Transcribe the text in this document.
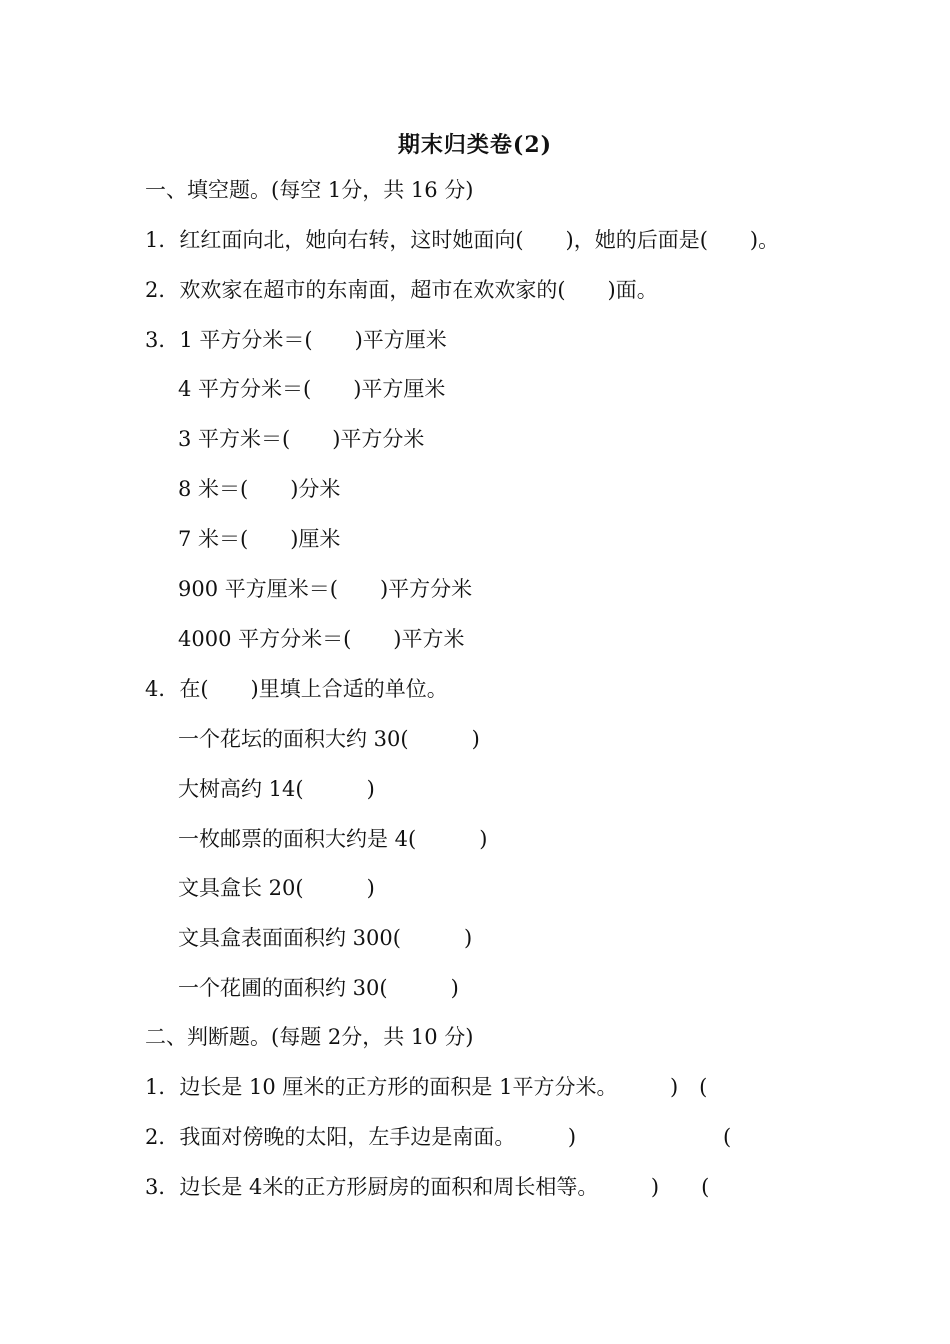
期末归类卷(2)
一、填空题。(每空 1分，共 16 分)
1．红红面向北，她向右转，这时她面向(　　)，她的后面是(　　)。
2．欢欢家在超市的东南面，超市在欢欢家的(　　)面。
3．1 平方分米＝(　　)平方厘米
4 平方分米＝(　　)平方厘米
3 平方米＝(　　)平方分米
8 米＝(　　)分米
7 米＝(　　)厘米
900 平方厘米＝(　　)平方分米
4000 平方分米＝(　　)平方米
4．在(　　)里填上合适的单位。
一个花坛的面积大约 30(　　　)
大树高约 14(　　　)
一枚邮票的面积大约是 4(　　　)
文具盒长 20(　　　)
文具盒表面面积约 300(　　　)
一个花圃的面积约 30(　　　)
二、判断题。(每题 2分，共 10 分)
1．边长是 10 厘米的正方形的面积是 1平方分米。　　　)　(
2．我面对傍晚的太阳，左手边是南面。　　　)　　　　　　　(
3．边长是 4米的正方形厨房的面积和周长相等。　　　)　　(
